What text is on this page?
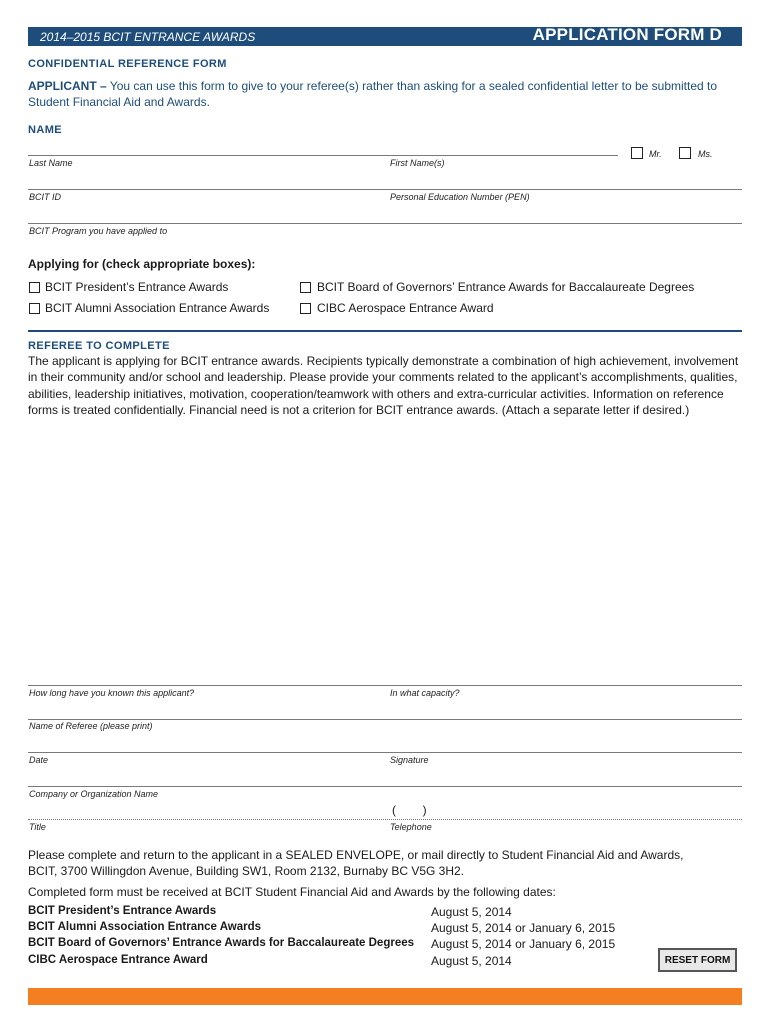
2014–2015 BCIT ENTRANCE AWARDS	APPLICATION FORM D
CONFIDENTIAL REFERENCE FORM
APPLICANT – You can use this form to give to your referee(s) rather than asking for a sealed confidential letter to be submitted to Student Financial Aid and Awards.
NAME
Last Name	First Name(s)
Mr.	Ms.
BCIT ID	Personal Education Number (PEN)
BCIT Program you have applied to
Applying for (check appropriate boxes):
BCIT President’s Entrance Awards	BCIT Board of Governors’ Entrance Awards for Baccalaureate Degrees
BCIT Alumni Association Entrance Awards	CIBC Aerospace Entrance Award
REFEREE TO COMPLETE
The applicant is applying for BCIT entrance awards. Recipients typically demonstrate a combination of high achievement, involvement in their community and/or school and leadership. Please provide your comments related to the applicant’s accomplishments, qualities, abilities, leadership initiatives, motivation, cooperation/teamwork with others and extra-curricular activities. Information on reference forms is treated confidentially. Financial need is not a criterion for BCIT entrance awards. (Attach a separate letter if desired.)
How long have you known this applicant?	In what capacity?
Name of Referee (please print)
Date	Signature
Company or Organization Name
(        )
Title	Telephone
Please complete and return to the applicant in a SEALED ENVELOPE, or mail directly to Student Financial Aid and Awards, BCIT, 3700 Willingdon Avenue, Building SW1, Room 2132, Burnaby BC V5G 3H2.
Completed form must be received at BCIT Student Financial Aid and Awards by the following dates:
BCIT President’s Entrance Awards	August 5, 2014
BCIT Alumni Association Entrance Awards	August 5, 2014 or January 6, 2015
BCIT Board of Governors’ Entrance Awards for Baccalaureate Degrees August 5, 2014 or January 6, 2015
CIBC Aerospace Entrance Award	August 5, 2014	RESET FORM
